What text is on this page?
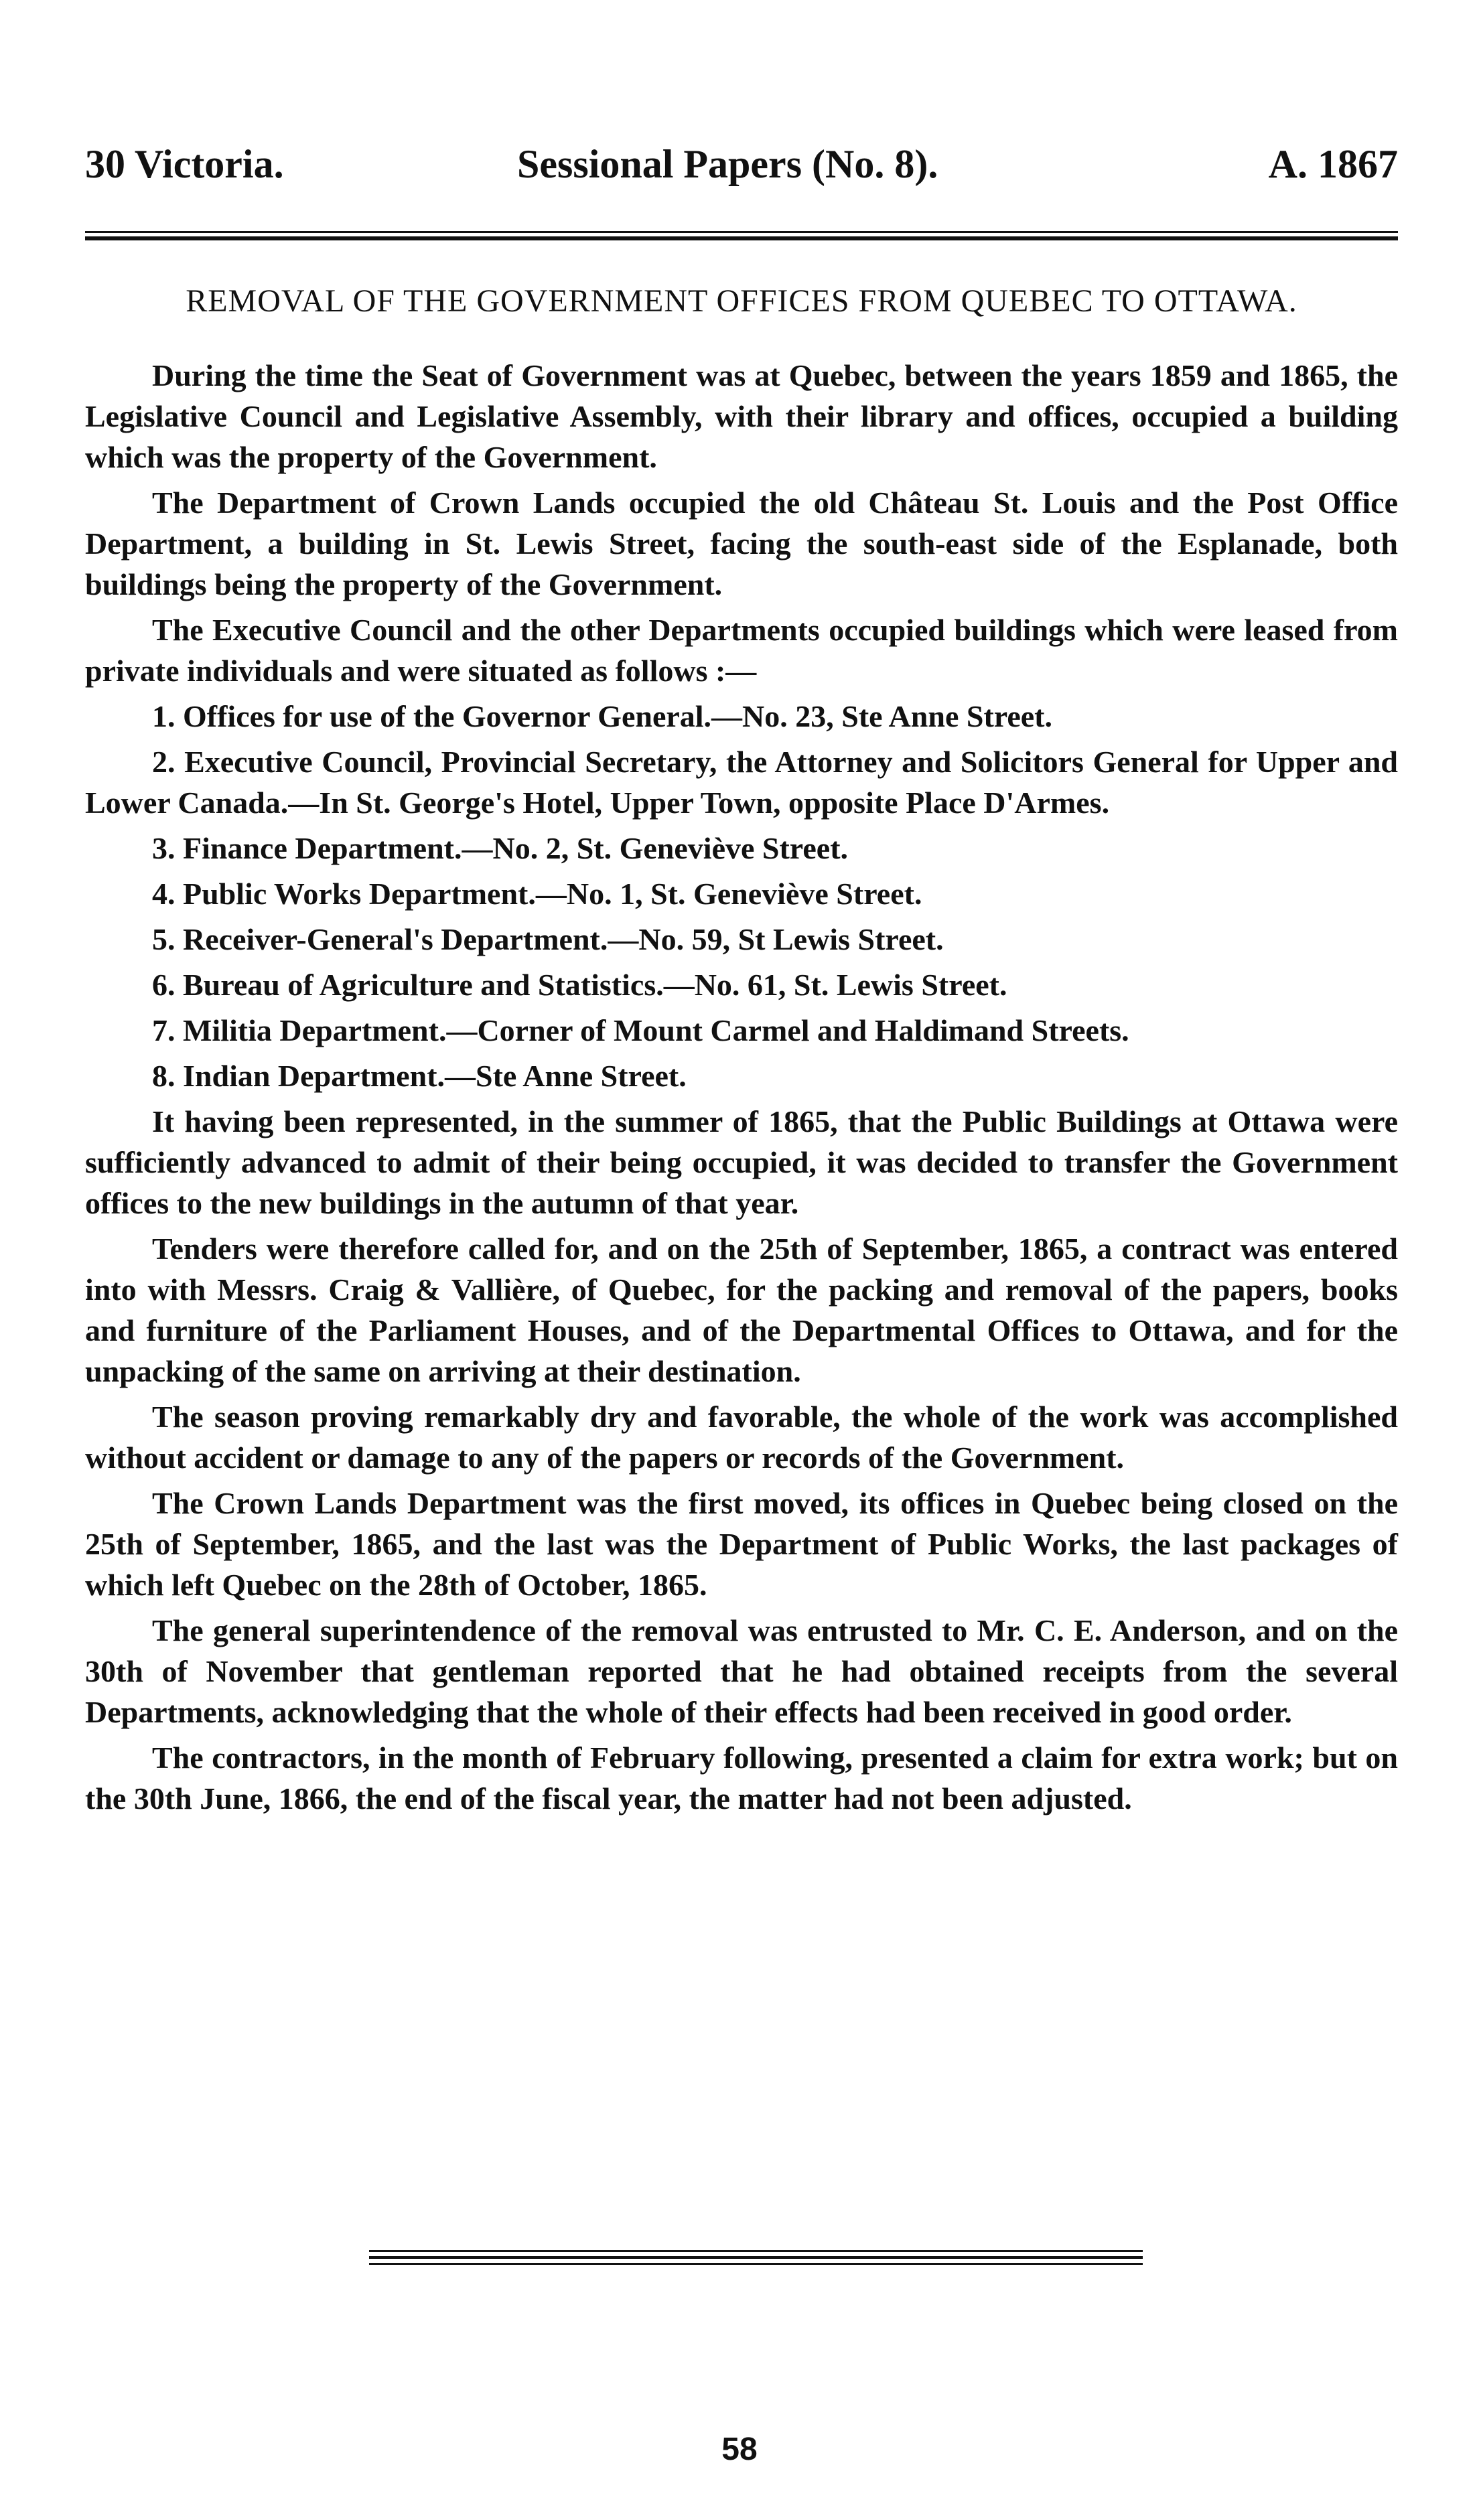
30 Victoria.	Sessional Papers (No. 8).	A. 1867
REMOVAL OF THE GOVERNMENT OFFICES FROM QUEBEC TO OTTAWA.

During the time the Seat of Government was at Quebec, between the years 1859 and 1865, the Legislative Council and Legislative Assembly, with their library and offices, occupied a building which was the property of the Government.

The Department of Crown Lands occupied the old Château St. Louis and the Post Office Department, a building in St. Lewis Street, facing the south-east side of the Esplanade, both buildings being the property of the Government.

The Executive Council and the other Departments occupied buildings which were leased from private individuals and were situated as follows :—

1. Offices for use of the Governor General.—No. 23, Ste Anne Street.

2. Executive Council, Provincial Secretary, the Attorney and Solicitors General for Upper and Lower Canada.—In St. George's Hotel, Upper Town, opposite Place D'Armes.

3. Finance Department.—No. 2, St. Geneviève Street.

4. Public Works Department.—No. 1, St. Geneviève Street.

5. Receiver-General's Department.—No. 59, St Lewis Street.

6. Bureau of Agriculture and Statistics.—No. 61, St. Lewis Street.

7. Militia Department.—Corner of Mount Carmel and Haldimand Streets.

8. Indian Department.—Ste Anne Street.

It having been represented, in the summer of 1865, that the Public Buildings at Ottawa were sufficiently advanced to admit of their being occupied, it was decided to transfer the Government offices to the new buildings in the autumn of that year.

Tenders were therefore called for, and on the 25th of September, 1865, a contract was entered into with Messrs. Craig & Vallière, of Quebec, for the packing and removal of the papers, books and furniture of the Parliament Houses, and of the Departmental Offices to Ottawa, and for the unpacking of the same on arriving at their destination.

The season proving remarkably dry and favorable, the whole of the work was accomplished without accident or damage to any of the papers or records of the Government.

The Crown Lands Department was the first moved, its offices in Quebec being closed on the 25th of September, 1865, and the last was the Department of Public Works, the last packages of which left Quebec on the 28th of October, 1865.

The general superintendence of the removal was entrusted to Mr. C. E. Anderson, and on the 30th of November that gentleman reported that he had obtained receipts from the several Departments, acknowledging that the whole of their effects had been received in good order.

The contractors, in the month of February following, presented a claim for extra work; but on the 30th June, 1866, the end of the fiscal year, the matter had not been adjusted.

58
